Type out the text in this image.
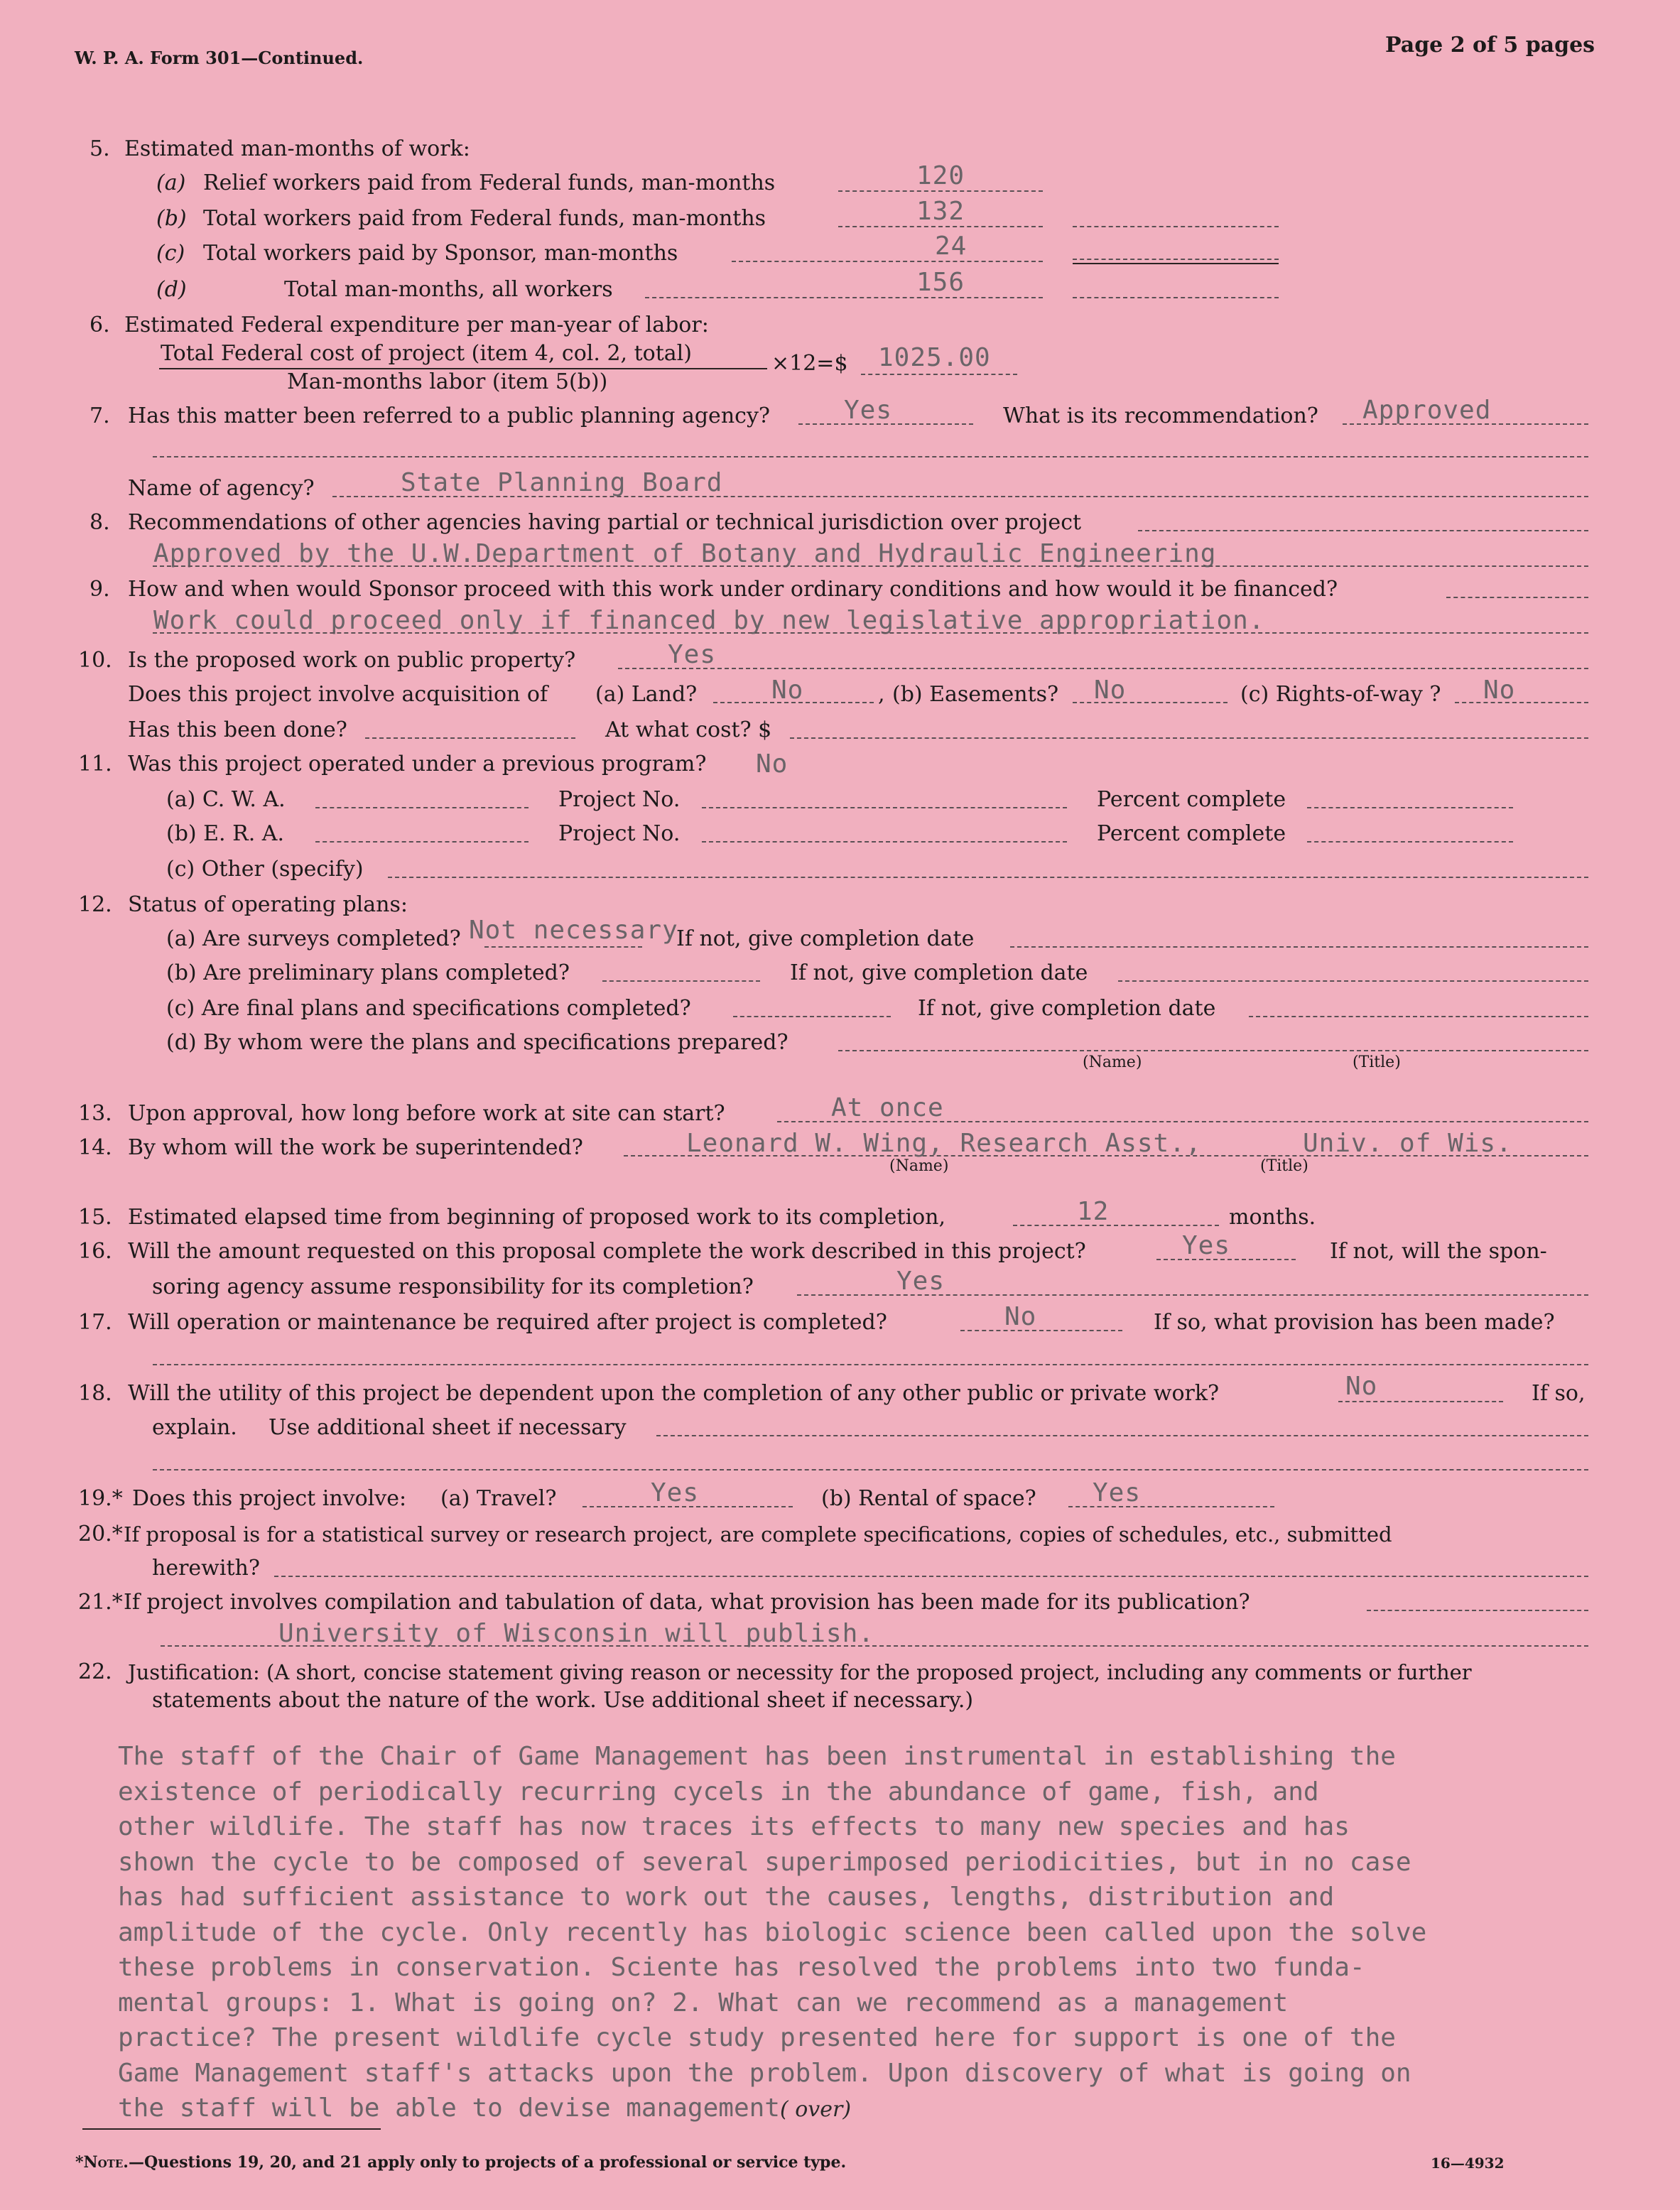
W. P. A. Form 301—Continued.
Page 2 of 5 pages
5. Estimated man-months of work:
(a) Relief workers paid from Federal funds, man-months	120
(b) Total workers paid from Federal funds, man-months	132
(c) Total workers paid by Sponsor, man-months	24
(d)	Total man-months, all workers	156
6. Estimated Federal expenditure per man-year of labor:
Total Federal cost of project (item 4, col. 2, total)
Man-months labor (item 5(b))
×12=$ 1025.00
7. Has this matter been referred to a public planning agency?	Yes	What is its recommendation? Approved
Name of agency?	State Planning Board
8. Recommendations of other agencies having partial or technical jurisdiction over project
Approved by the U.W.Department of Botany and Hydraulic Engineering
9. How and when would Sponsor proceed with this work under ordinary conditions and how would it be financed?
Work could proceed only if financed by new legislative appropriation.
10. Is the proposed work on public property?	Yes
Does this project involve acquisition of (a) Land?	No	, (b) Easements? No	(c) Rights-of-way ? No
Has this been done?	At what cost? $
11. Was this project operated under a previous program? No
(a) C. W. A.	Project No.	Percent complete
(b) E. R. A.	Project No.	Percent complete
(c) Other (specify)
12. Status of operating plans:
(a) Are surveys completed? Not necessary
If not, give completion date
(b) Are preliminary plans completed?	If not, give completion date
(c) Are final plans and specifications completed?	If not, give completion date
(d) By whom were the plans and specifications prepared?
(Name)	(Title)
13. Upon approval, how long before work at site can start?	At once
14. By whom will the work be superintended?	Leonard W. Wing, Research Asst.,	Univ. of Wis.
(Name)	(Title)
15. Estimated elapsed time from beginning of proposed work to its completion,	12	months.
16. Will the amount requested on this proposal complete the work described in this project?	Yes	If not, will the spon-
soring agency assume responsibility for its completion?	Yes
17. Will operation or maintenance be required after project is completed?	No	If so, what provision has been made?
18. Will the utility of this project be dependent upon the completion of any other public or private work?	No	If so,
explain. Use additional sheet if necessary
19.* Does this project involve: (a) Travel?	Yes	(b) Rental of space? Yes
20.* If proposal is for a statistical survey or research project, are complete specifications, copies of schedules, etc., submitted
herewith?
21.* If project involves compilation and tabulation of data, what provision has been made for its publication?
University of Wisconsin will publish.
22. Justification: (A short, concise statement giving reason or necessity for the proposed project, including any comments or further
statements about the nature of the work. Use additional sheet if necessary.)
The staff of the Chair of Game Management has been instrumental in establishing the
existence of periodically recurring cycels in the abundance of game, fish, and
other wildlife. The staff has now traces its effects to many new species and has
shown the cycle to be composed of several superimposed periodicities, but in no case
has had sufficient assistance to work out the causes, lengths, distribution and
amplitude of the cycle. Only recently has biologic science been called upon the solve
these problems in conservation. Sciente has resolved the problems into two funda-
mental groups: 1. What is going on? 2. What can we recommend as a management
practice? The present wildlife cycle study presented here for support is one of the
Game Management staff's attacks upon the problem. Upon discovery of what is going on
the staff will be able to devise management( over)
*Note.—Questions 19, 20, and 21 apply only to projects of a professional or service type.	16—4932
